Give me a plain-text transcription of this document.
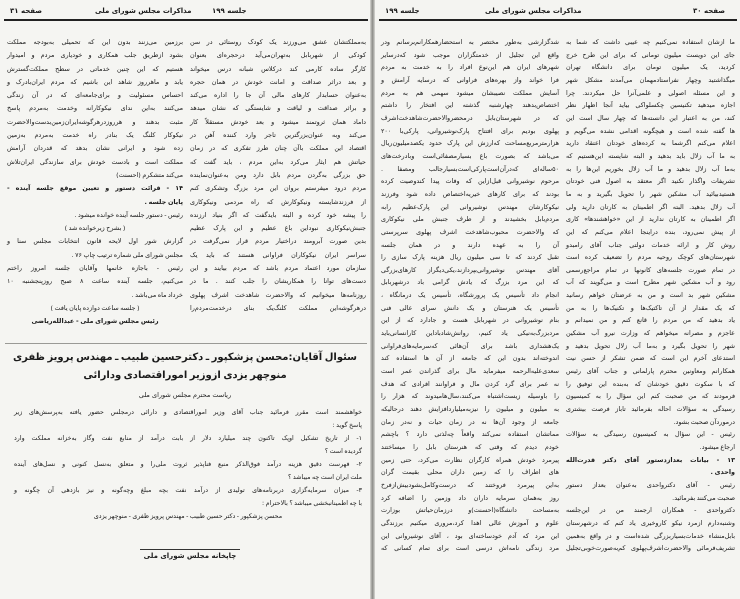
صفحه ۳۱	مذاکرات مجلس شورای ملی	جلسه ۱۹۹
بەمملکتشان عشق می‌ورزند یک کودک روستائی در سن
کودکی از شهربابل به‌تهران‌می‌آید درحجره‌ای بعنوان
کارگر ساده کارمی کند درکلاس شبانه درس میخواند
و بعد دراثر صداقت و امانت خودش در همان حجره
به‌عنوان حسابدار کارهای مالی آن جا را اداره می‌کند
و براثر صداقت و لیاقت و شایستگی که نشان میدهد
داماد همان ثروتمند میشود و بعد خودش مستقلاً کار
می‌کند وبه عنوان‌بزرگترین تاجر وارد کننده آهن در
اقتصاد این مملکت باآن چنان طرز تفکری که در زمان
حیاتش هم ایثار می‌کرد به‌این مردم ، باید گفت که
حق بزرگی به‌گردن مردم بابل دارد ومن به‌عنوان‌نماینده
مردم درود میفرستم بروان این مرد بزرگ وتشکری کنم
از فرزندشایسته ونیکوکارش که راه مردمی ونیکوکاری
را پیشه خود کرده و البته بایدگفت که اگر بنیاد ارزنده
جنبش‌نیکوکاری نبوداین باغ عظیم و این پارک عظیم
بدین صورت آبرومند دراختیار مردم قرار نمی‌گرفت در
سراسر ایران نیکوکاران فراوانی هستند که باید یک
سازمان مورد اعتماد مردم باشد که مردم بیایند و این
دست‌های توانا را همکاریشان را جلب کنند . ما در
روزنامه‌ها میخوانیم که والاحضرت شاهدخت اشرف پهلوی
درهرگوشه‌این مملکت کلنگ‌یک بنای درخدمت‌مردم‌را
برزمین می‌زنند بدون این که تحمیلی به‌بودجه مملکت
بشود ازطریق جلب همکاری و خودیاری مردم و امیدوار
هستیم که این چنین خدماتی در سطح مملکت‌گسترش
یابد و ماهرروز شاهد این باشیم که مردم ایران‌بادرک و
احساس مسئولیت و برای‌جامعه‌ای که در آن زندگی
می‌کنند به‌این ندای نیکوکارانه وخدمت به‌مردم پاسخ
مثبت بدهند و هرروزدرهرگوشه‌ایران‌زمین‌بدست‌والاحضرت
نیکوکار کلنگ یک بنادر راه خدمت به‌مردم به‌زمین
زده شود و ایرانی نشان بدهد که قدردان آرامش
مملکت است و بادست خودش برای سازندگی ایران‌تلاش
می‌کند متشکرم (احسنت)
۱۴ - قرائت دستور و تعیین موقع جلسه آینده‌ -
پایان جلسه .
رئیس - دستور جلسه آینده خوانده میشود .
( بشرح زیرخوانده شد )
گزارش شور اول لایحه قانون انتخابات مجلس سنا و
مجلس شورای ملی شماره ترتیب چاپ ۷۶ .
رئیس - باجازه خانمها وآقایان جلسه امروز راختم
می‌کنیم، جلسه آینده ساعت ۸ صبح روزپنجشنبه ۱۰
خرداد ماه می‌باشد .
( جلسه ساعت دوازده پایان یافت )
رئیس مجلس شورای ملی - عبدالله‌ریاضی
سئوال آقایان:محسن پزشکپور ـ دکترحسین طبیب ـ مهندس پرویز ظفری
منوچهر یزدی ازوزیر اموراقتصادی ودارائی
ریاست محترم مجلس شورای ملی
خواهشمند است مقرر فرمائید جناب آقای وزیر اموراقتصادی و دارائی درمجلس حضور یافته به‌پرسش‌های زیر
پاسخ گوید :
۱- از تاریخ تشکیل اوپک تاکنون چند میلیارد دلار از بابت درآمد از منابع نفت وگاز به‌خزانه مملکت وارد
گردیده است ؟
۲- فهرست دقیق هزینه درآمد فوق‌الذکر منبع فناپذیر ثروت ملی‌را و متعلق به‌نسل کنونی و نسل‌های آینده
ملت ایران است چه میباشد ؟
۳- میزان سرمایه‌گزاری دربرنامه‌های تولیدی از درآمد نفت بچه مبلغ وچه‌گونه و نیز بازدهی آن چگونه و
با چه اطمینانبخشی میباشد ؟ بالاحترام :
محسن پزشکپور - دکتر حسین طبیب - مهندس پرویز ظفری - منوچهر یزدی
چاپخانه مجلس شورای ملی
جلسه ۱۹۹	مذاکرات مجلس شورای ملی	صفحه ۳۰
شدگزارشی به‌طور مختصر به استحضارهمکارانم‌برسانم ودر
واقع این تجلیل از خدمتگزاران موجب شود که‌درسایر
شهرهای ایران هم این‌نوع افراد را به خدمت به مردم
فرا خواند واز بهره‌های فراوانی که درسایه آرامش و
آسایش مملکت نصیبشان میشود سهمی هم به مردم
اختصاص‌بدهند چهارشنبه گذشته این افتخار را داشتم
که در شهرستان‌بابل درمحضروالاحضرت‌شاهدخت‌اشرف
پهلوی بودیم برای افتتاح پارک‌نوشیروانی، پارکی‌با ۲۰۰
هزارمترمربع‌مساحت که‌ارزش این پارک حدود یکصدمیلیون‌ریال
می‌باشد که بصورت باغ بسیارمصفائی‌است وبادرخت‌های
۵۰ساله‌ای که‌درآن‌است‌پارکی‌است‌بسیارجالب ومصفا .
مرحوم نوشیروانی قبل‌ازاین که وفات پیدا کندوصیت کرده
بودند که برای کارهای خیریه‌اختصاص داده شود وفرزند
نیکوکارشان مهندس نوشیروانی این پارک‌عظیم رابه
مردم‌بابل بخشیدند و از طرف جنبش ملی نیکوکاری
که والاحضرت محبوب‌شاهدخت اشرف پهلوی سرپرستی
آن را به عهده دارند و در همان جلسه
تقبل کردند که تا سی میلیون ریال هزینه پارک سازی را
آقای مهندس نوشیروانی‌بپردازند،یکی‌دیگراز کارهای‌بزرگی
که این مرد بزرگ که یادش گرامی باد درشهربابل
انجام داد تأسیس یک پرورشگاه، تأسیس یک درمانگاه ،
تأسیس یک هنرستان و یک دانش سرای عالی فنی
بنام نوشیروانی در شهربابل هست و جادارد که از این
مردبزرگ‌به‌نیکی یاد کنیم، روانش‌شاد‌باد‌این کارانسانی‌باید
یک‌هشداری باشد برای آن‌هائی که‌سرمایه‌های‌فراوانی
اندوخته‌اند بدون این که جامعه از آن ها استفاده کند
سعدی‌علیه‌الرحمه میفرماید مال برای گذراندن عمر است
نه عمر برای گرد کردن مال و فراوانند افرادی که هدف
را باوسیله زیست‌اشتباه می‌کنند،سال‌هامیدوند که هزار را
به میلیون و میلیون را نیزبه‌میلیاردافزایش دهند درحالیکه
جامعه از وجود آن‌ها نه در زمان حیات و نه‌در زمان
مماتشان استفاده نمی‌کند واقعاً چه‌لذتی دارد ؟ باچشم
خودم دیدم که وقتی که هنرستان بابل را میساختند
پیرمرد خودش همراه کارگران نظارت می‌کرد، حتی زمین
های اطراف را که زمین داران محلی بقیمت گران
به‌این پیرمرد فروختند که درست‌وکامل‌بشود‌بیش‌ازفرخ
روز به‌همان سرمایه داران داد وزمین را اضافه کرد
به‌مساحت دانشگاه(احسنت)و درزمان‌حیاتش بوزارت
علوم و آموزش عالی اهدا کرد،مروری میکنیم برزندگی
این مرد که آدم خودساخته‌ای بود ، آقای نوشیروانی این
مرد زندگی نامه‌اش درسی است برای تمام کسانی که
ما ازشان استفاده نمی‌کنیم چه عیبی داشت که شما به
جای این دویست میلیون تومانی که برای این طرح خرج
کردید، یک میلیون تومان برای دانشگاه تهران
میگذاشتید وچهار نفراستادمهمان می‌آمدند مشکل شهر
و این مسئله اصولی و علمی‌آنرا حل میکردند. چرا
اجازه میدهید تکنیسین چکسلواکی بیاید آنجا اظهار نظر
کند، من به اعتبار این دانسته‌ها که چهار سال است این
ها گفته شده است و هیچگونه اقدامی نشده می‌گویم و
اعلام می‌کنم اگرشما به کرده‌های خودتان اعتقاد دارید
به ما آب زلال باید بدهید و البته شایسته این‌هستیم که
به‌ما آب زلال بدهید و ما آب زلال بخوریم این‌ها را به
تشریفات واگذار نکنید اگر معتقد به اصول فنی خودتان
هستیدبیائید آب مشکین شهر را تحویل بگیرید و به ما
آب زلال بدهید. البته اگر اطمینان به کارتان دارید ولی
اگر اطمینان به کارتان ندارید از این «خواهشندها» کاری
از پیش نمی‌رود، بنده دراینجا اعلام می‌کنم که این
روش کار و ارائه خدمات دولتی جناب آقای رامبدو
شهرستان‌های کوچک روحیه مردم را تضعیف کرده است
در تمام صورت جلسه‌های کانونها در تمام مراجع‌رسمی
رود و آب مشکین شهر مطرح است و می‌گویند که آب
مشکین شهر بد است و من به عرضتان خواهم رسانید
که یک مقدار از آن تاکتیک‌ها و تکنیک‌ها را به من
یاد بدهید که من مردم را قانع کنم و من نمیدانم و
عاجزم و مصرانه میخواهم که وزارت نیرو آب مشکین
شهر را تحویل بگیرد و به‌ما آب زلال تحویل بدهید و
استدعای آخرم این است که ضمن تشکر از حسن نیت
همکارانم ومعاونین محترم پارلمانی و جناب آقای رئیس
که با سکوت دقیق خودشان که به‌بنده این توفیق را
فرمودند که من صحبت کنم این سؤال را به کمیسیون
رسیدگی به سؤالات احاله بفرمائید تاباز فرصت بیشتری
درموردآن صحبت بشود.
رئیس - این سؤال به کمیسیون رسیدگی به سؤالات
ارجاع میشود.
۱۳ - بیانات بعدازدستور آقای دکتر قدرت‌الله
واحدی .
رئیس - آقای دکترواحدی به‌عنوان بعداز دستور
صحبت می‌کنند بفرمائید.
دکترواحدی - همکاران ارجمند من در این‌جلسه
وشنبه‌دارم ازمرد نیکو کاروخیری یاد کنم که درشهرستان
بابل‌منشاء خدمات‌بسیاربزرگی شده‌است و در واقع به‌همین
تشریف‌فرمائی والاحضرت‌اشرف‌پهلوی کم‌به‌صورت‌خوبی‌تجلیل
